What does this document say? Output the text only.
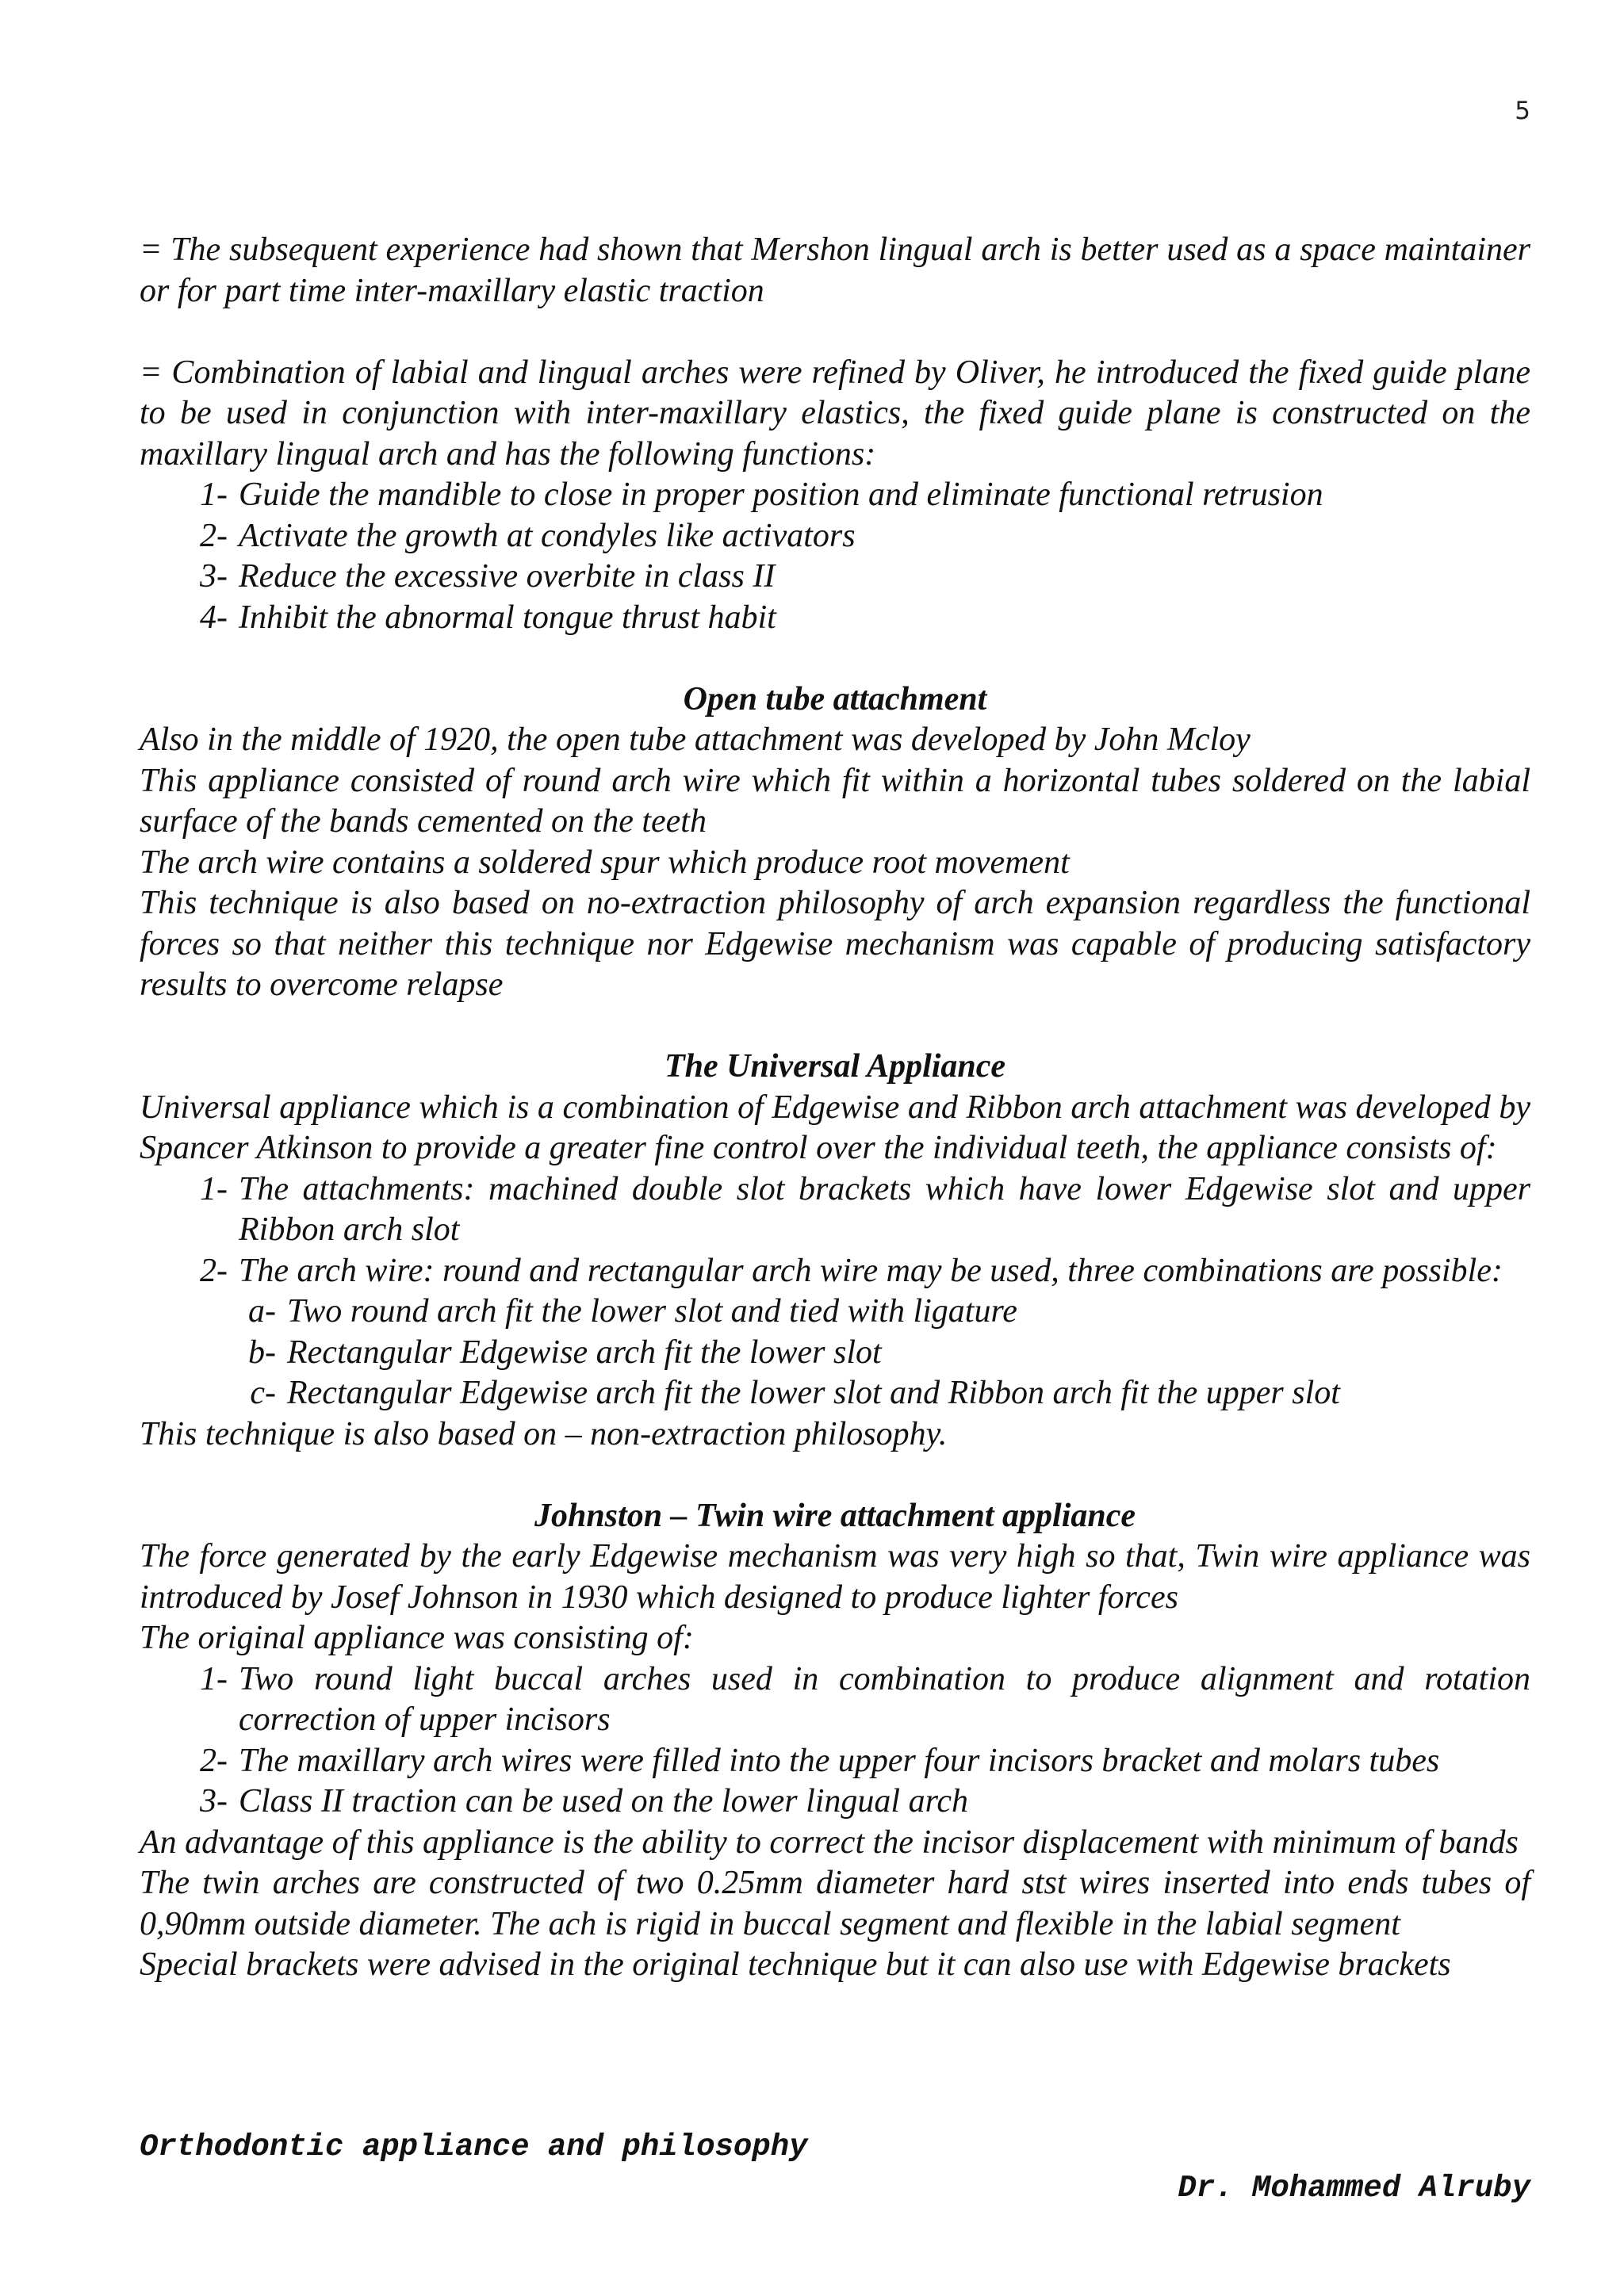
5

= The subsequent experience had shown that Mershon lingual arch is better used as a space maintainer or for part time inter-maxillary elastic traction

= Combination of labial and lingual arches were refined by Oliver, he introduced the fixed guide plane to be used in conjunction with inter-maxillary elastics, the fixed guide plane is constructed on the maxillary lingual arch and has the following functions:

1- Guide the mandible to close in proper position and eliminate functional retrusion
2- Activate the growth at condyles like activators
3- Reduce the excessive overbite in class II
4- Inhibit the abnormal tongue thrust habit

Open tube attachment

Also in the middle of 1920, the open tube attachment was developed by John Mcloy

This appliance consisted of round arch wire which fit within a horizontal tubes soldered on the labial surface of the bands cemented on the teeth

The arch wire contains a soldered spur which produce root movement

This technique is also based on no-extraction philosophy of arch expansion regardless the functional forces so that neither this technique nor Edgewise mechanism was capable of producing satisfactory results to overcome relapse

The Universal Appliance

Universal appliance which is a combination of Edgewise and Ribbon arch attachment was developed by Spancer Atkinson to provide a greater fine control over the individual teeth, the appliance consists of:

1- The attachments: machined double slot brackets which have lower Edgewise slot and upper Ribbon arch slot
2- The arch wire: round and rectangular arch wire may be used, three combinations are possible:
a- Two round arch fit the lower slot and tied with ligature
b- Rectangular Edgewise arch fit the lower slot
c- Rectangular Edgewise arch fit the lower slot and Ribbon arch fit the upper slot

This technique is also based on – non-extraction philosophy.

Johnston – Twin wire attachment appliance

The force generated by the early Edgewise mechanism was very high so that, Twin wire appliance was introduced by Josef Johnson in 1930 which designed to produce lighter forces

The original appliance was consisting of:

1- Two round light buccal arches used in combination to produce alignment and rotation correction of upper incisors
2- The maxillary arch wires were filled into the upper four incisors bracket and molars tubes
3- Class II traction can be used on the lower lingual arch

An advantage of this appliance is the ability to correct the incisor displacement with minimum of bands

The twin arches are constructed of two 0.25mm diameter hard stst wires inserted into ends tubes of 0,90mm outside diameter. The ach is rigid in buccal segment and flexible in the labial segment

Special brackets were advised in the original technique but it can also use with Edgewise brackets

Orthodontic appliance and philosophy
Dr. Mohammed Alruby
